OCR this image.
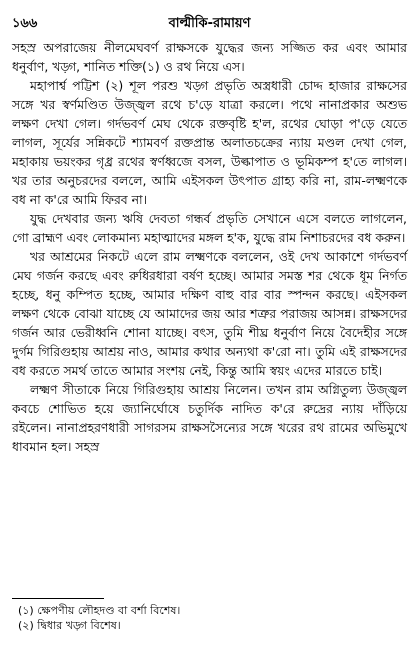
১৬৬	বাল্মীকি-রামায়ণ

সহস্র অপরাজেয় নীলমেঘবর্ণ রাক্ষসকে যুদ্ধের জন্য সজ্জিত কর এবং আমার ধনুর্বাণ, খড়্গ, শানিত শক্তি(১) ও রথ নিয়ে এস।

মহাপার্শ্ব পট্টিশ (২) শূল পরশু খড়্গ প্রভৃতি অস্ত্রধারী চোদ্দ হাজার রাক্ষসের সঙ্গে খর স্বর্ণমণ্ডিত উজ্জ্বল রথে চ'ড়ে যাত্রা করলে। পথে নানাপ্রকার অশুভ লক্ষণ দেখা গেল। গর্দভবর্ণ মেঘ থেকে রক্তবৃষ্টি হ'ল, রথের ঘোড়া প'ড়ে যেতে লাগল, সূর্যের সন্নিকটে শ্যামবর্ণ রক্তপ্রান্ত অলাতচক্রের ন্যায় মণ্ডল দেখা গেল, মহাকায় ভয়ংকর গৃধ্র রথের স্বর্ণধ্বজে বসল, উল্কাপাত ও ভূমিকম্প হ'তে লাগল। খর তার অনুচরদের বললে, আমি এইসকল উৎপাত গ্রাহ্য করি না, রাম-লক্ষ্মণকে বধ না ক'রে আমি ফিরব না।

যুদ্ধ দেখবার জন্য ঋষি দেবতা গন্ধর্ব প্রভৃতি সেখানে এসে বলতে লাগলেন, গো ব্রাহ্মণ এবং লোকমান্য মহাত্মাদের মঙ্গল হ'ক, যুদ্ধে রাম নিশাচরদের বধ করুন।

খর আশ্রমের নিকটে এলে রাম লক্ষ্মণকে বললেন, ওই দেখ আকাশে গর্দভবর্ণ মেঘ গর্জন করছে এবং রুধিরধারা বর্ষণ হচ্ছে। আমার সমস্ত শর থেকে ধূম নির্গত হচ্ছে, ধনু কম্পিত হচ্ছে, আমার দক্ষিণ বাহু বার বার স্পন্দন করছে। এইসকল লক্ষণ থেকে বোঝা যাচ্ছে যে আমাদের জয় আর শত্রুর পরাজয় আসন্ন। রাক্ষসদের গর্জন আর ভেরীধ্বনি শোনা যাচ্ছে। বৎস, তুমি শীঘ্র ধনুর্বাণ নিয়ে বৈদেহীর সঙ্গে দুর্গম গিরিগুহায় আশ্রয় নাও, আমার কথার অন্যথা ক'রো না। তুমি এই রাক্ষসদের বধ করতে সমর্থ তাতে আমার সংশয় নেই, কিন্তু আমি স্বয়ং এদের মারতে চাই।

লক্ষ্মণ সীতাকে নিয়ে গিরিগুহায় আশ্রয় নিলেন। তখন রাম অগ্নিতুল্য উজ্জ্বল কবচে শোভিত হয়ে জ্যানির্ঘোষে চতুর্দিক নাদিত ক'রে রুদ্রের ন্যায় দাঁড়িয়ে রইলেন। নানাপ্রহরণধারী সাগরসম রাক্ষসসৈন্যের সঙ্গে খরের রথ রামের অভিমুখে ধাবমান হল। সহস্র

(১) ক্ষেপণীয় লৌহদণ্ড বা বর্শা বিশেষ।

(২) দ্বিধার খড়্গ বিশেষ।
